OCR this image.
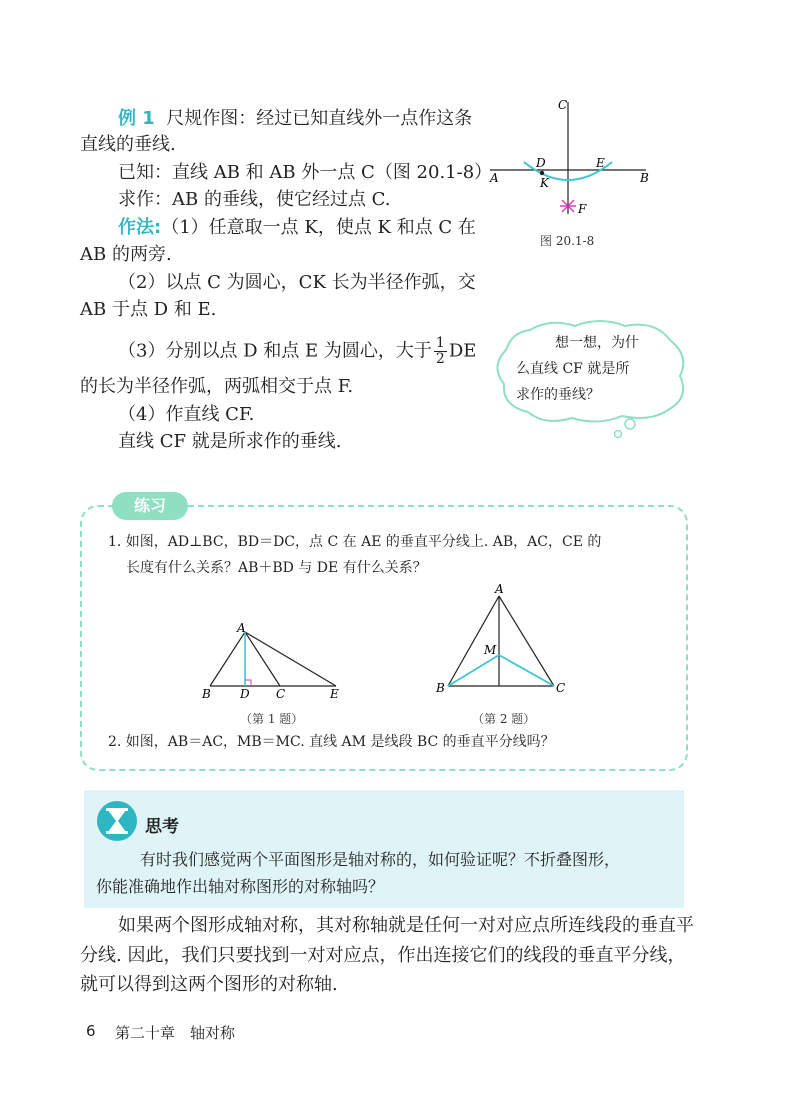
例 1 尺规作图：经过已知直线外一点作这条
直线的垂线.
已知：直线 AB 和 AB 外一点 C（图 20.1-8）
求作：AB 的垂线，使它经过点 C.
作法:（1）任意取一点 K，使点 K 和点 C 在
AB 的两旁.
（2）以点 C 为圆心，CK 长为半径作弧，交
AB 于点 D 和 E.
（3）分别以点 D 和点 E 为圆心，大于 $\frac{1}{2}$ DE
的长为半径作弧，两弧相交于点 F.
（4）作直线 CF.
直线 CF 就是所求作的垂线.
C
D	E
A	B
K
F
图 20.1-8
想一想，为什
么直线 CF 就是所
求作的垂线？
练习
1. 如图，AD⊥BC，BD＝DC，点 C 在 AE 的垂直平分线上. AB，AC，CE 的
长度有什么关系？AB＋BD 与 DE 有什么关系？
A
B D C	E
（第 1 题）
A
M
B	C
（第 2 题）
2. 如图，AB＝AC，MB＝MC. 直线 AM 是线段 BC 的垂直平分线吗？
思考
有时我们感觉两个平面图形是轴对称的，如何验证呢？不折叠图形，
你能准确地作出轴对称图形的对称轴吗？
如果两个图形成轴对称，其对称轴就是任何一对对应点所连线段的垂直平
分线. 因此，我们只要找到一对对应点，作出连接它们的线段的垂直平分线，
就可以得到这两个图形的对称轴.
6 第二十章　轴对称
